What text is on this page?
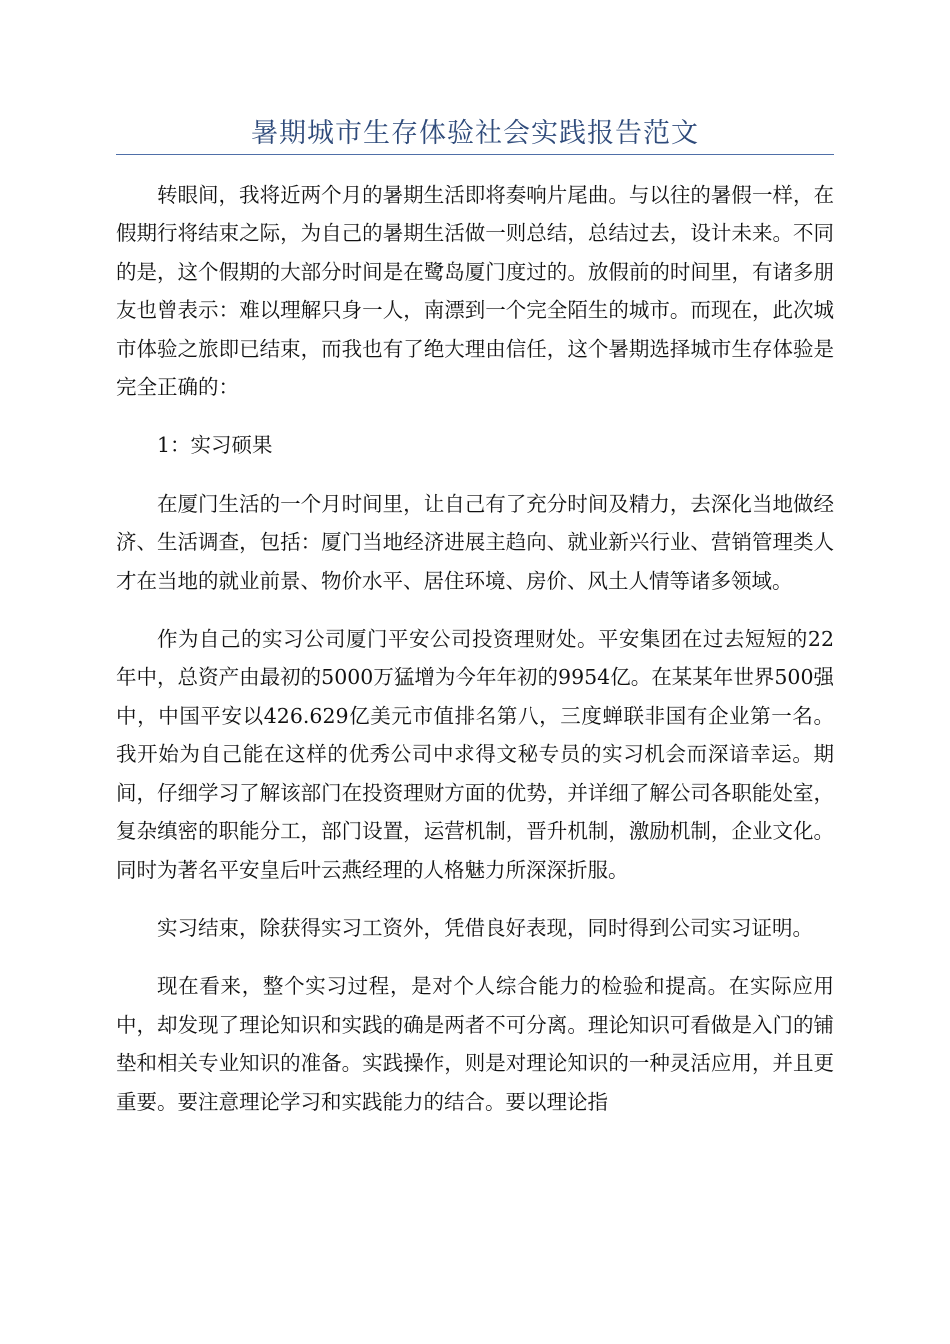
暑期城市生存体验社会实践报告范文

转眼间，我将近两个月的暑期生活即将奏响片尾曲。与以往的暑假一样，在假期行将结束之际，为自己的暑期生活做一则总结，总结过去，设计未来。不同的是，这个假期的大部分时间是在鹭岛厦门度过的。放假前的时间里，有诸多朋友也曾表示：难以理解只身一人，南漂到一个完全陌生的城市。而现在，此次城市体验之旅即已结束，而我也有了绝大理由信任，这个暑期选择城市生存体验是完全正确的：

1：实习硕果

在厦门生活的一个月时间里，让自己有了充分时间及精力，去深化当地做经济、生活调查，包括：厦门当地经济进展主趋向、就业新兴行业、营销管理类人才在当地的就业前景、物价水平、居住环境、房价、风土人情等诸多领域。

作为自己的实习公司厦门平安公司投资理财处。平安集团在过去短短的22年中，总资产由最初的5000万猛增为今年年初的9954亿。在某某年世界500强中，中国平安以426.629亿美元市值排名第八，三度蝉联非国有企业第一名。我开始为自己能在这样的优秀公司中求得文秘专员的实习机会而深谙幸运。期间，仔细学习了解该部门在投资理财方面的优势，并详细了解公司各职能处室，复杂缜密的职能分工，部门设置，运营机制，晋升机制，激励机制，企业文化。同时为著名平安皇后叶云燕经理的人格魅力所深深折服。

实习结束，除获得实习工资外，凭借良好表现，同时得到公司实习证明。

现在看来，整个实习过程，是对个人综合能力的检验和提高。在实际应用中，却发现了理论知识和实践的确是两者不可分离。理论知识可看做是入门的铺垫和相关专业知识的准备。实践操作，则是对理论知识的一种灵活应用，并且更重要。要注意理论学习和实践能力的结合。要以理论指
